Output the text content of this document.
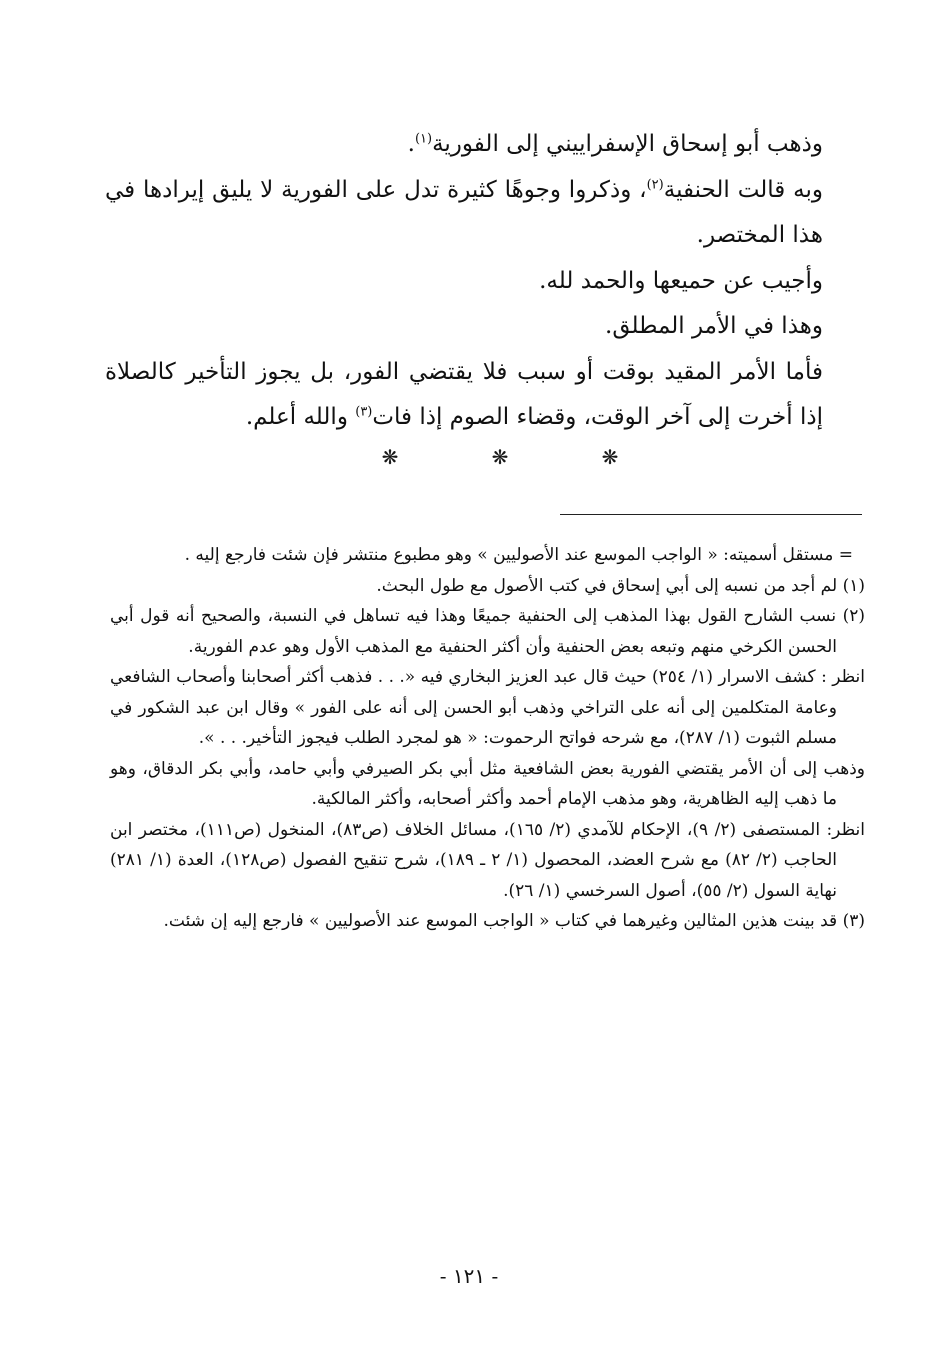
وذهب أبو إسحاق الإسفراييني إلى الفورية$^{(١)}$.

وبه قالت الحنفية$^{(٢)}$، وذكروا وجوهًا كثيرة تدل على الفورية لا يليق إيرادها في هذا المختصر.

وأجيب عن حميعها والحمد لله.

وهذا في الأمر المطلق.

فأما الأمر المقيد بوقت أو سبب فلا يقتضي الفور، بل يجوز التأخير كالصلاة إذا أخرت إلى آخر الوقت، وقضاء الصوم إذا فات$^{(٣)}$ والله أعلم.

❋
❋
❋

= مستقل أسميته: « الواجب الموسع عند الأصوليين » وهو مطبوع منتشر فإن شئت فارجع إليه .

(١) لم أجد من نسبه إلى أبي إسحاق في كتب الأصول مع طول البحث.

(٢) نسب الشارح القول بهذا المذهب إلى الحنفية جميعًا وهذا فيه تساهل في النسبة، والصحيح أنه قول أبي الحسن الكرخي منهم وتبعه بعض الحنفية وأن أكثر الحنفية مع المذهب الأول وهو عدم الفورية.

انظر : كشف الاسرار (١/ ٢٥٤) حيث قال عبد العزيز البخاري فيه «. . . فذهب أكثر أصحابنا وأصحاب الشافعي وعامة المتكلمين إلى أنه على التراخي وذهب أبو الحسن إلى أنه على الفور » وقال ابن عبد الشكور في مسلم الثبوت (١/ ٢٨٧)، مع شرحه فواتح الرحموت: « هو لمجرد الطلب فيجوز التأخير. . . ».

وذهب إلى أن الأمر يقتضي الفورية بعض الشافعية مثل أبي بكر الصيرفي وأبي حامد، وأبي بكر الدقاق، وهو ما ذهب إليه الظاهرية، وهو مذهب الإمام أحمد وأكثر أصحابه، وأكثر المالكية.

انظر: المستصفى (٢/ ٩)، الإحكام للآمدي (٢/ ١٦٥)، مسائل الخلاف (ص٨٣)، المنخول (ص١١١)، مختصر ابن الحاجب (٢/ ٨٢) مع شرح العضد، المحصول (١/ ٢ ـ ١٨٩)، شرح تنقيح الفصول (ص١٢٨)، العدة (١/ ٢٨١) نهاية السول (٢/ ٥٥)، أصول السرخسي (١/ ٢٦).

(٣) قد بينت هذين المثالين وغيرهما في كتاب « الواجب الموسع عند الأصوليين » فارجع إليه إن شئت.

- ١٢١ -
